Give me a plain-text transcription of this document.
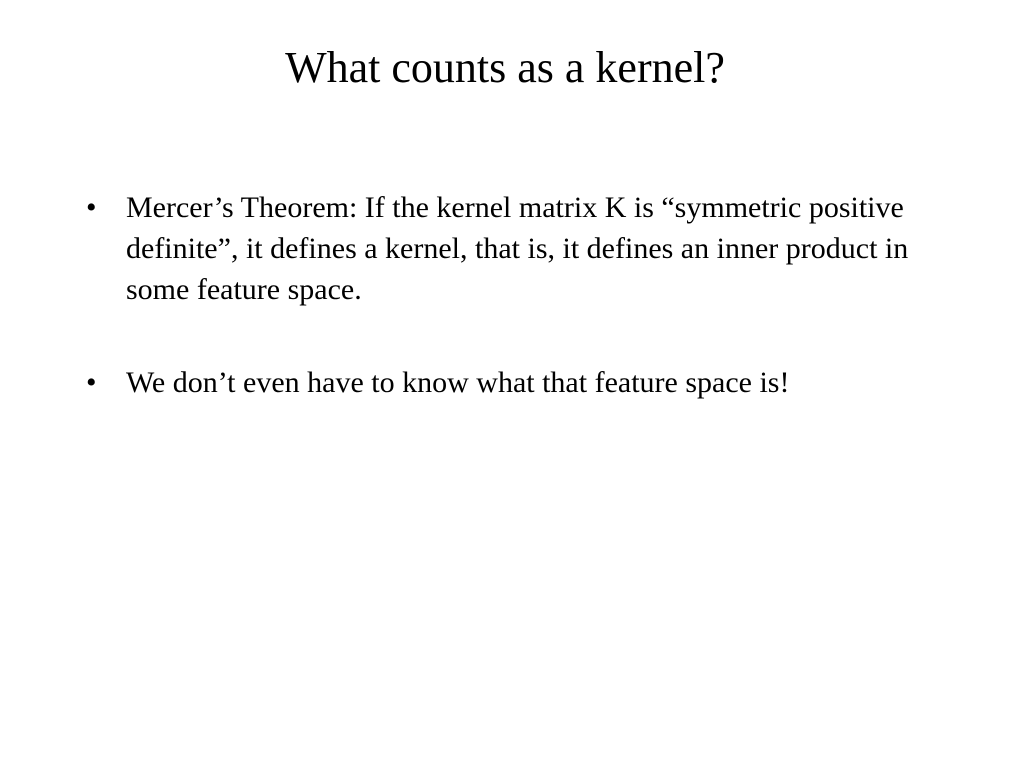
What counts as a kernel?
• Mercer’s Theorem: If the kernel matrix K is “symmetric positive definite”, it defines a kernel, that is, it defines an inner product in some feature space.
• We don’t even have to know what that feature space is!
